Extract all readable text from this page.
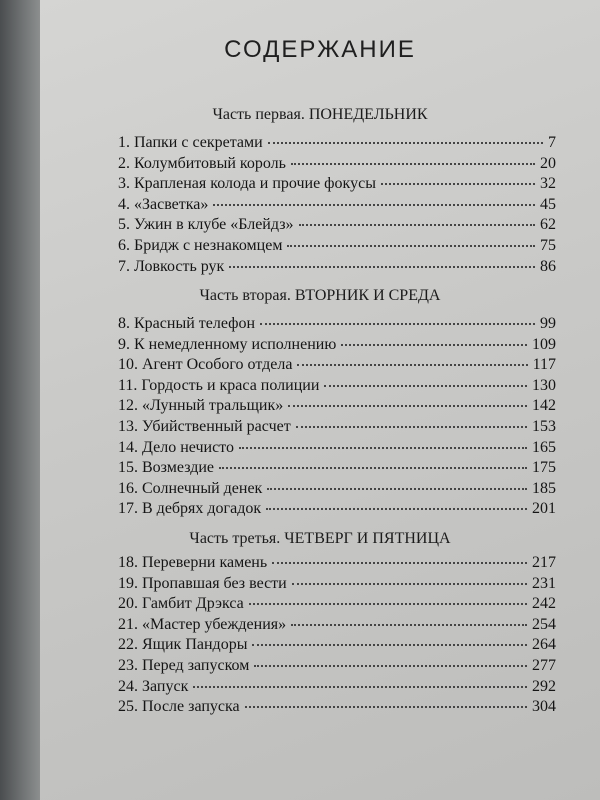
СОДЕРЖАНИЕ
Часть первая. ПОНЕДЕЛЬНИК
1. Папки с секретами	7
2. Колумбитовый король	20
3. Крапленая колода и прочие фокусы	32
4. «Засветка»	45
5. Ужин в клубе «Блейдз»	62
6. Бридж с незнакомцем	75
7. Ловкость рук	86
Часть вторая. ВТОРНИК И СРЕДА
8. Красный телефон	99
9. К немедленному исполнению	109
10. Агент Особого отдела	117
11. Гордость и краса полиции	130
12. «Лунный тральщик»	142
13. Убийственный расчет	153
14. Дело нечисто	165
15. Возмездие	175
16. Солнечный денек	185
17. В дебрях догадок	201
Часть третья. ЧЕТВЕРГ И ПЯТНИЦА
18. Переверни камень	217
19. Пропавшая без вести	231
20. Гамбит Дрэкса	242
21. «Мастер убеждения»	254
22. Ящик Пандоры	264
23. Перед запуском	277
24. Запуск	292
25. После запуска	304
